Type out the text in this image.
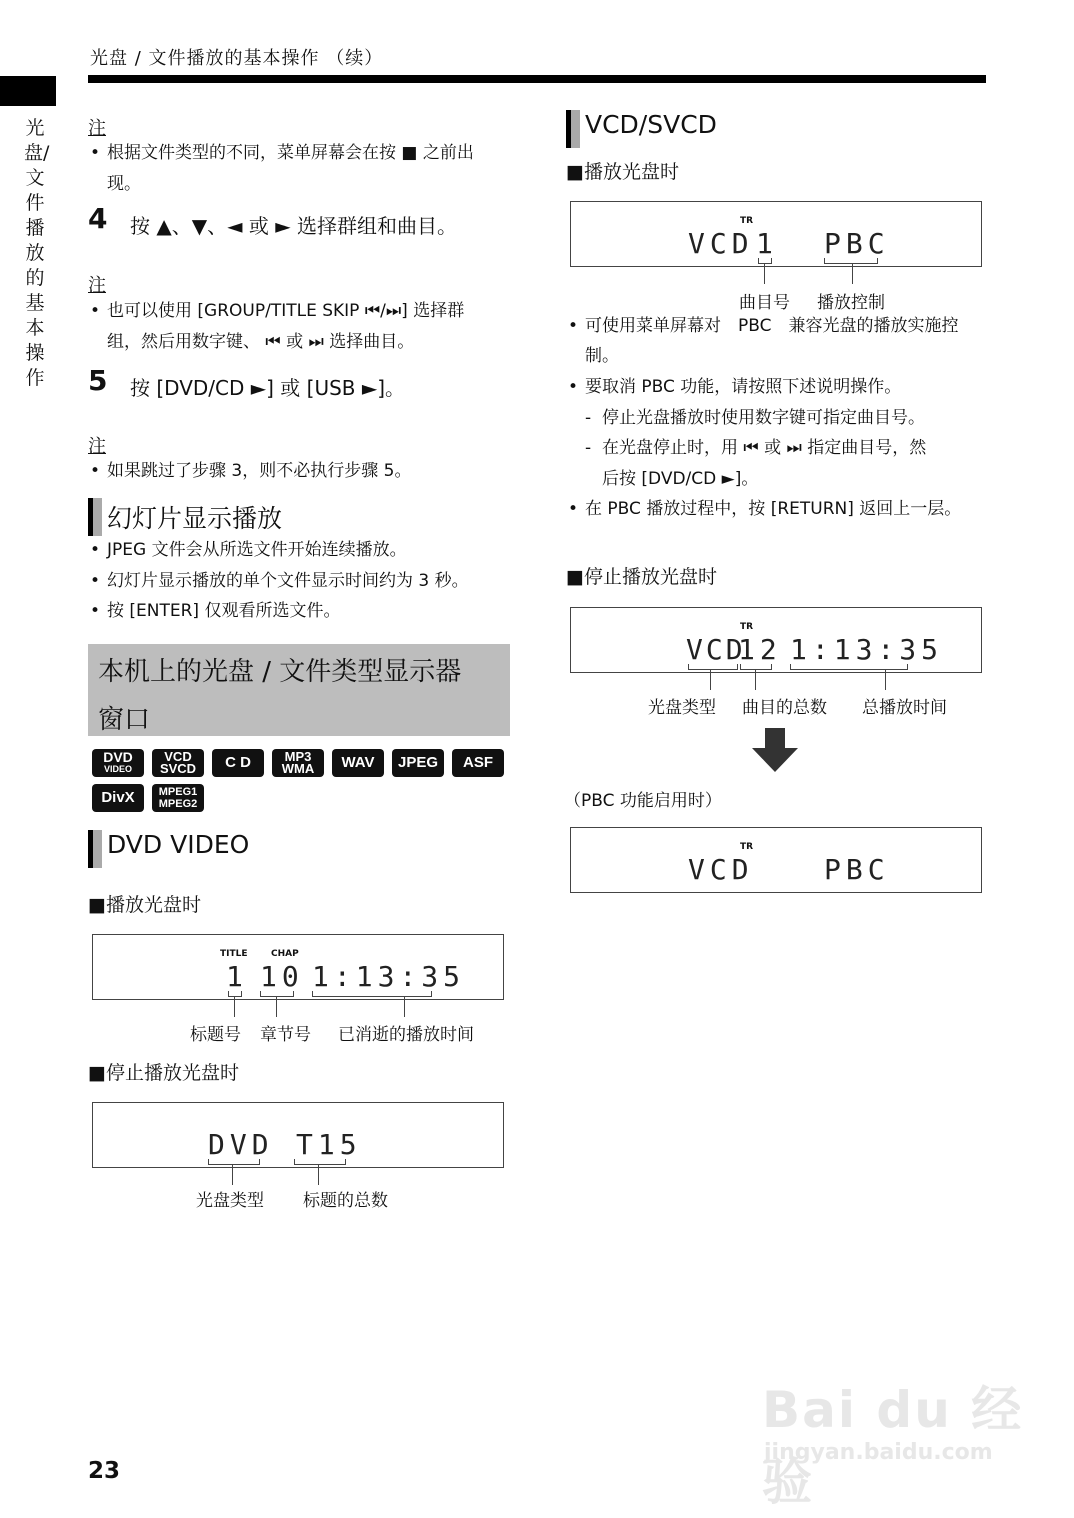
光盘 / 文件播放的基本操作 （续）
光盘/文件播放的基本操作
注
• 根据文件类型的不同，菜单屏幕会在按 ■ 之前出
现。
4 按 ▲、▼、◄ 或 ► 选择群组和曲目。
注
• 也可以使用 [GROUP/TITLE SKIP ⏮/⏭] 选择群
组，然后用数字键、 ⏮ 或 ⏭ 选择曲目。
5 按 [DVD/CD ►] 或 [USB ►]。
注
• 如果跳过了步骤 3，则不必执行步骤 5。
幻灯片显示播放
• JPEG 文件会从所选文件开始连续播放。
• 幻灯片显示播放的单个文件显示时间约为 3 秒。
• 按 [ENTER] 仅观看所选文件。
本机上的光盘 / 文件类型显示器
窗口
DVD
VIDEO
VCD
SVCD	C D	MP3
WMA	WAV	JPEG	ASF
DivX	MPEG1
MPEG2
DVD VIDEO
■播放光盘时
TITLE	CHAP
1 10 1:13:35
标题号 章节号 已消逝的播放时间
■停止播放光盘时
DVD T15
光盘类型 标题的总数
VCD/SVCD
■播放光盘时
TR
VCD 1 PBC
曲目号 播放控制
• 可使用菜单屏幕对　PBC　兼容光盘的播放实施控
制。
• 要取消 PBC 功能，请按照下述说明操作。
- 停止光盘播放时使用数字键可指定曲目号。
- 在光盘停止时，用 ⏮ 或 ⏭ 指定曲目号，然
后按 [DVD/CD ►]。
• 在 PBC 播放过程中，按 [RETURN] 返回上一层。
■停止播放光盘时
TR
VCD
12 1:13:35
光盘类型 曲目的总数 总播放时间
（PBC 功能启用时）
TR
VCD	PBC
23
Bai du 经验
jingyan.baidu.com
